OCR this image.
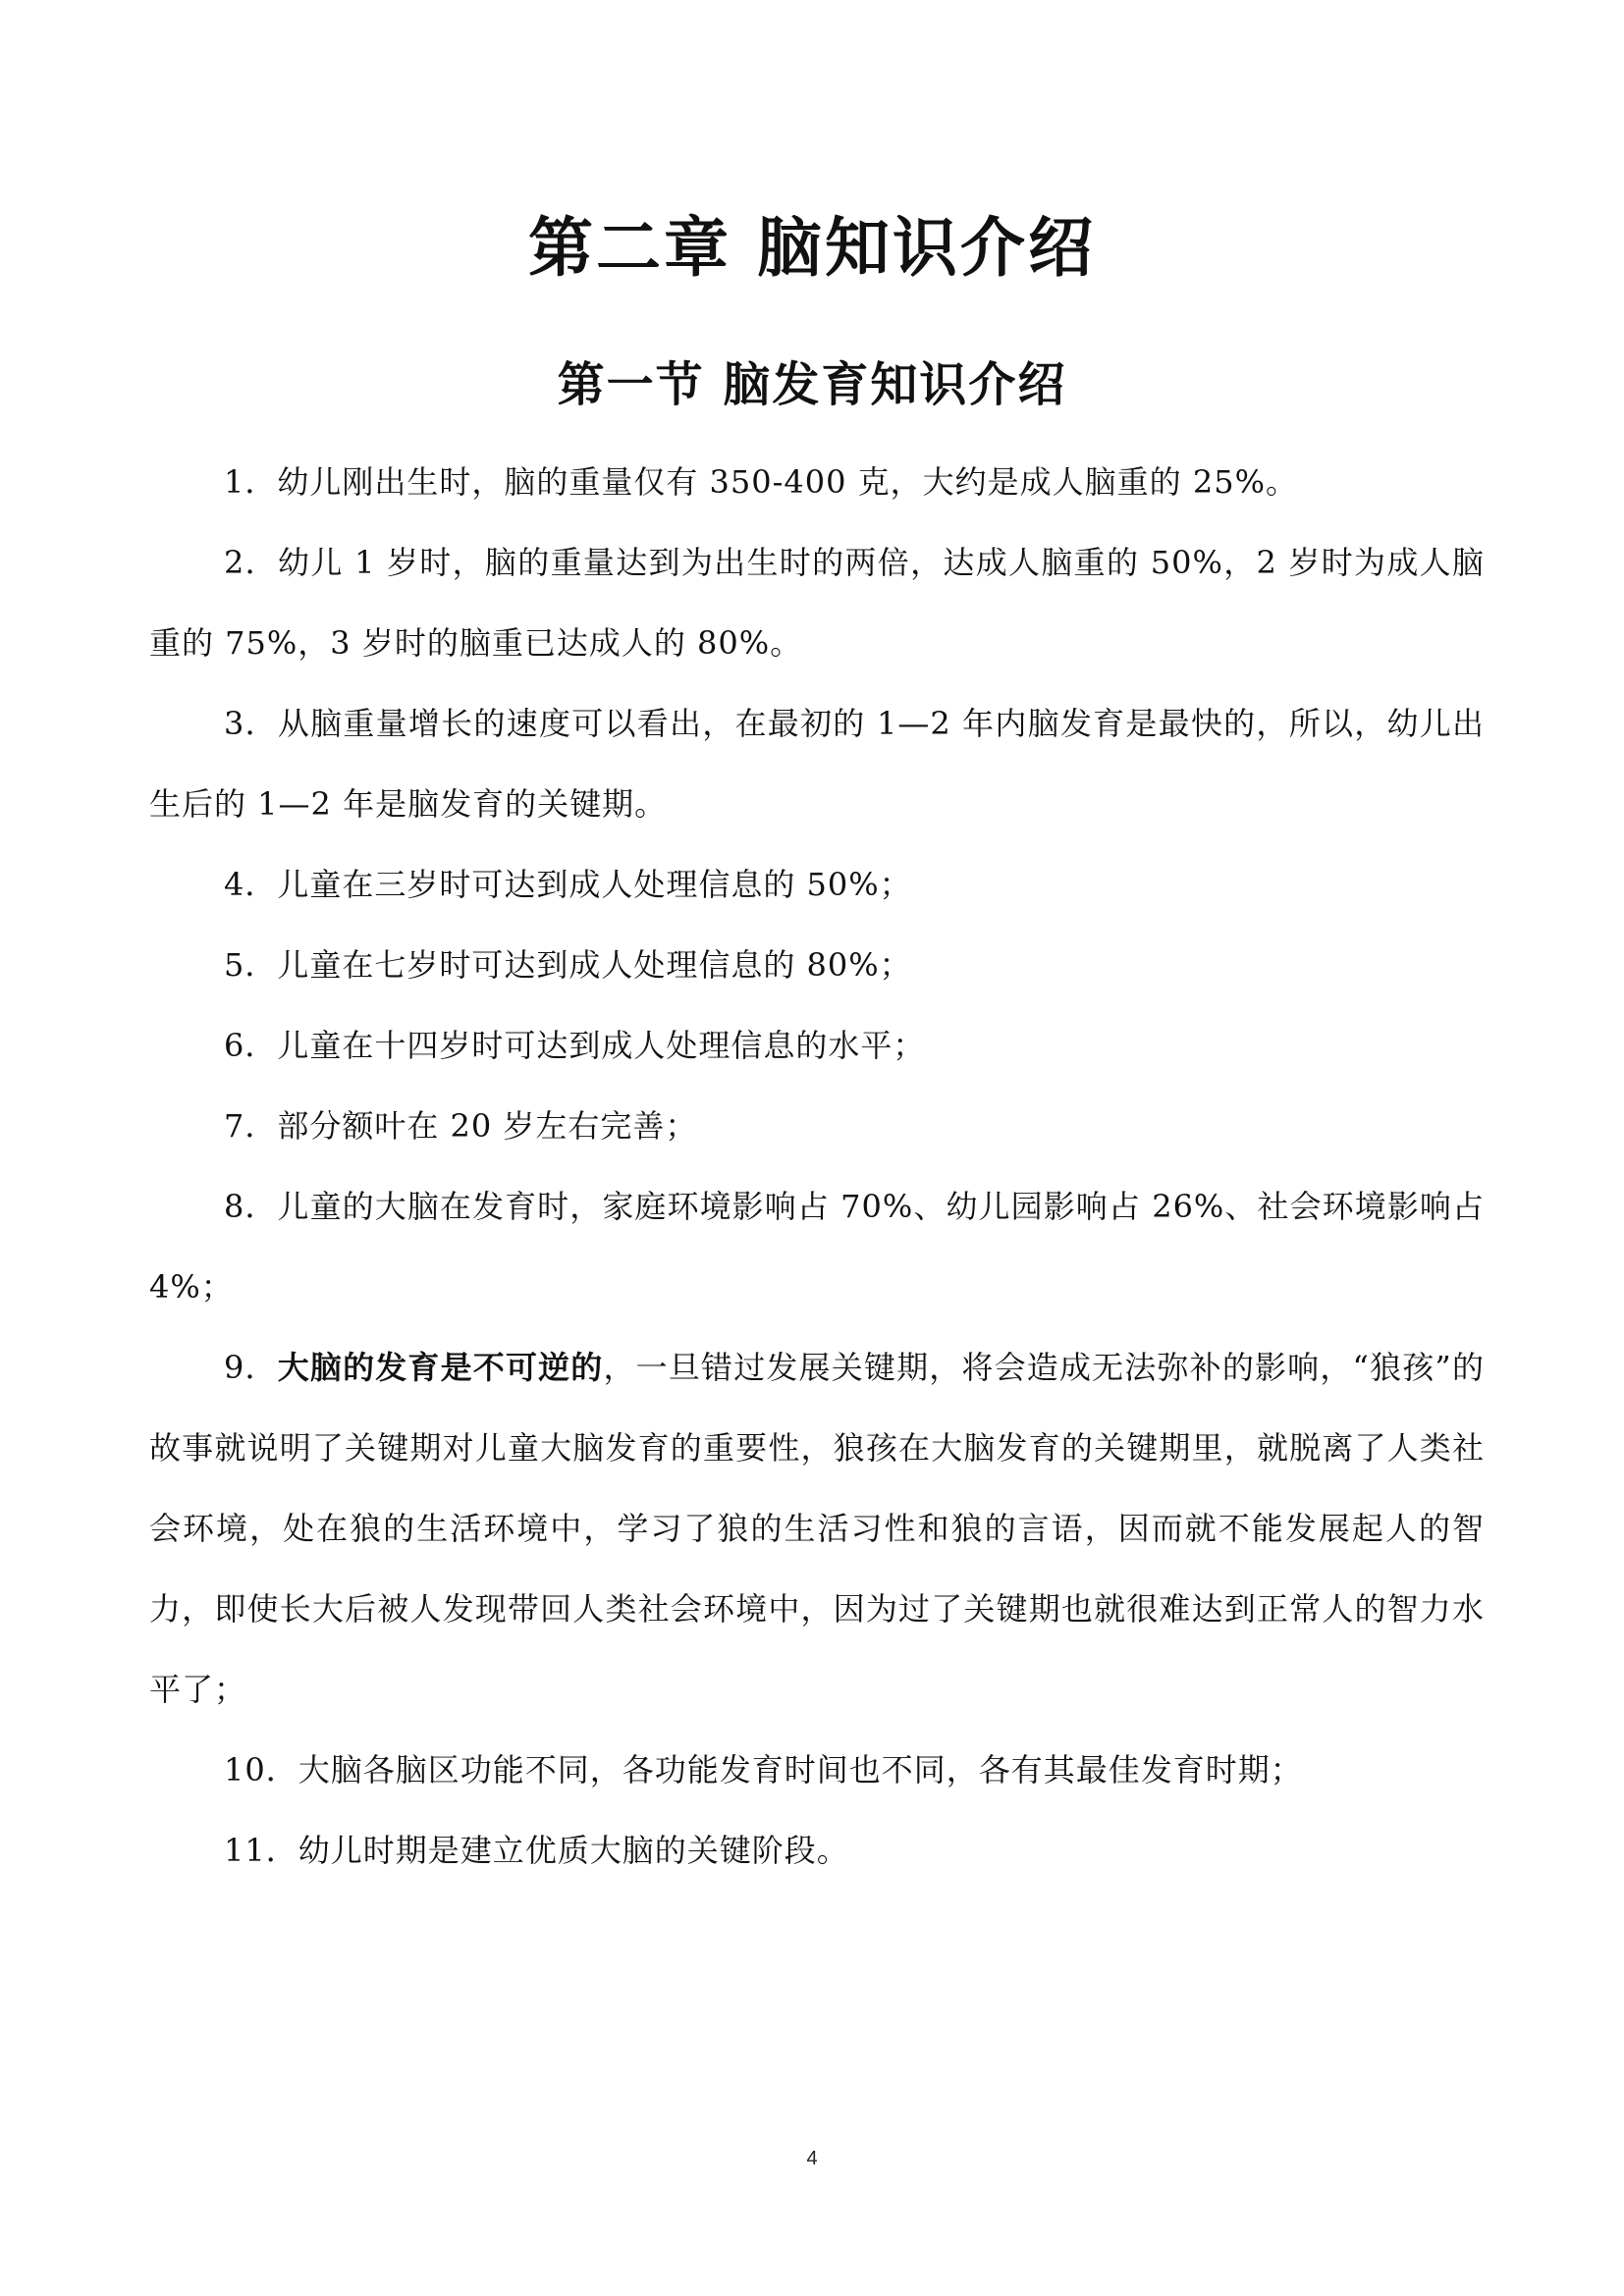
第二章 脑知识介绍
第一节 脑发育知识介绍

1．幼儿刚出生时，脑的重量仅有 350-400 克，大约是成人脑重的 25%。

2．幼儿 1 岁时，脑的重量达到为出生时的两倍，达成人脑重的 50%，2 岁时为成人脑重的 75%，3 岁时的脑重已达成人的 80%。

3．从脑重量增长的速度可以看出，在最初的 1—2 年内脑发育是最快的，所以，幼儿出生后的 1—2 年是脑发育的关键期。

4．儿童在三岁时可达到成人处理信息的 50%；

5．儿童在七岁时可达到成人处理信息的 80%；

6．儿童在十四岁时可达到成人处理信息的水平；

7．部分额叶在 20 岁左右完善；

8．儿童的大脑在发育时，家庭环境影响占 70%、幼儿园影响占 26%、社会环境影响占 4%；

9．大脑的发育是不可逆的，一旦错过发展关键期，将会造成无法弥补的影响，“狼孩”的故事就说明了关键期对儿童大脑发育的重要性，狼孩在大脑发育的关键期里，就脱离了人类社会环境，处在狼的生活环境中，学习了狼的生活习性和狼的言语，因而就不能发展起人的智力，即使长大后被人发现带回人类社会环境中，因为过了关键期也就很难达到正常人的智力水平了；

10．大脑各脑区功能不同，各功能发育时间也不同，各有其最佳发育时期；

11．幼儿时期是建立优质大脑的关键阶段。

4
